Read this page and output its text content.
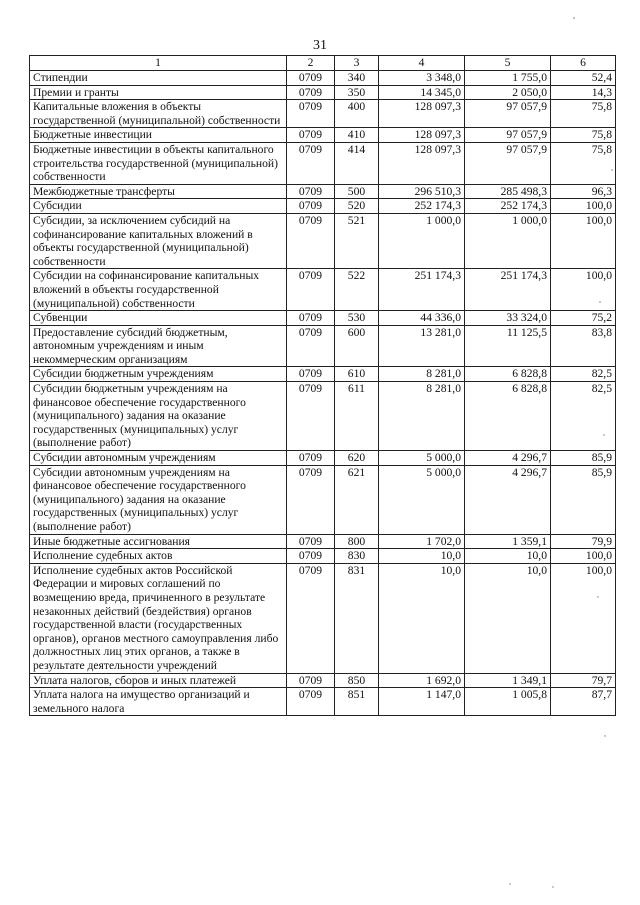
31
1	2	3	4	5	6
Стипендии	0709	340	3 348,0	1 755,0	52,4
Премии и гранты	0709	350	14 345,0	2 050,0	14,3
Капитальные вложения в объекты государственной (муниципальной) собственности	0709	400	128 097,3	97 057,9	75,8
Бюджетные инвестиции	0709	410	128 097,3	97 057,9	75,8
Бюджетные инвестиции в объекты капитального строительства государственной (муниципальной) собственности	0709	414	128 097,3	97 057,9	75,8
Межбюджетные трансферты	0709	500	296 510,3	285 498,3	96,3
Субсидии	0709	520	252 174,3	252 174,3	100,0
Субсидии, за исключением субсидий на софинансирование капитальных вложений в объекты государственной (муниципальной) собственности	0709	521	1 000,0	1 000,0	100,0
Субсидии на софинансирование капитальных вложений в объекты государственной (муниципальной) собственности	0709	522	251 174,3	251 174,3	100,0
Субвенции	0709	530	44 336,0	33 324,0	75,2
Предоставление субсидий бюджетным, автономным учреждениям и иным некоммерческим организациям	0709	600	13 281,0	11 125,5	83,8
Субсидии бюджетным учреждениям	0709	610	8 281,0	6 828,8	82,5
Субсидии бюджетным учреждениям на финансовое обеспечение государственного (муниципального) задания на оказание государственных (муниципальных) услуг (выполнение работ)	0709	611	8 281,0	6 828,8	82,5
Субсидии автономным учреждениям	0709	620	5 000,0	4 296,7	85,9
Субсидии автономным учреждениям на финансовое обеспечение государственного (муниципального) задания на оказание государственных (муниципальных) услуг (выполнение работ)	0709	621	5 000,0	4 296,7	85,9
Иные бюджетные ассигнования	0709	800	1 702,0	1 359,1	79,9
Исполнение судебных актов	0709	830	10,0	10,0	100,0
Исполнение судебных актов Российской Федерации и мировых соглашений по возмещению вреда, причиненного в результате незаконных действий (бездействия) органов государственной власти (государственных органов), органов местного самоуправления либо должностных лиц этих органов, а также в результате деятельности учреждений	0709	831	10,0	10,0	100,0
Уплата налогов, сборов и иных платежей	0709	850	1 692,0	1 349,1	79,7
Уплата налога на имущество организаций и земельного налога	0709	851	1 147,0	1 005,8	87,7
